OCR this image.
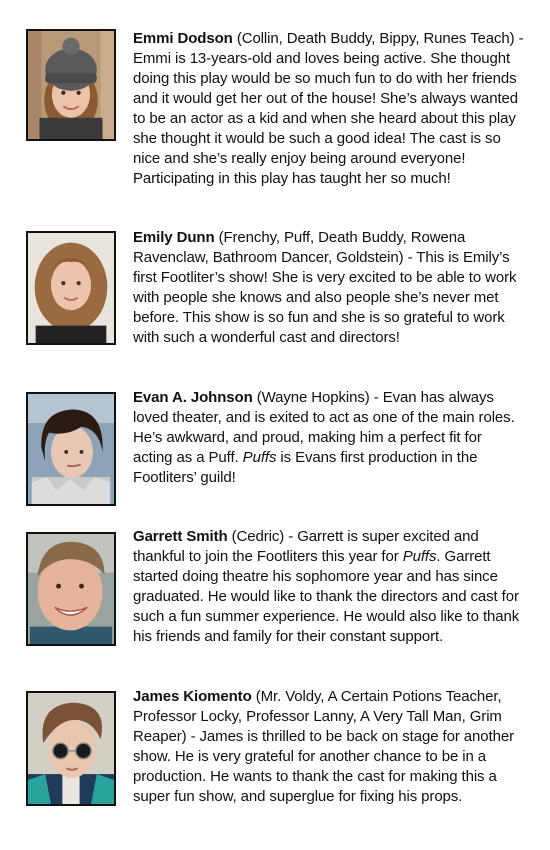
Emmi Dodson (Collin, Death Buddy, Bippy, Runes Teach) - Emmi is 13-years-old and loves being active. She thought doing this play would be so much fun to do with her friends and it would get her out of the house! She’s always wanted to be an actor as a kid and when she heard about this play she thought it would be such a good idea! The cast is so nice and she’s really enjoy being around everyone! Participating in this play has taught her so much!

Emily Dunn (Frenchy, Puff, Death Buddy, Rowena Ravenclaw, Bathroom Dancer, Goldstein) - This is Emily’s first Footliter’s show! She is very excited to be able to work with people she knows and also people she’s never met before. This show is so fun and she is so grateful to work with such a wonderful cast and directors!

Evan A. Johnson (Wayne Hopkins) - Evan has always loved theater, and is exited to act as one of the main roles. He’s awkward, and proud, making him a perfect fit for acting as a Puff. Puffs is Evans first production in the Footliters’ guild!

Garrett Smith (Cedric) - Garrett is super excited and thankful to join the Footliters this year for Puffs. Garrett started doing theatre his sophomore year and has since graduated. He would like to thank the directors and cast for such a fun summer experience. He would also like to thank his friends and family for their constant support.

James Kiomento (Mr. Voldy, A Certain Potions Teacher, Professor Locky, Professor Lanny, A Very Tall Man, Grim Reaper) - James is thrilled to be back on stage for another show. He is very grateful for another chance to be in a production. He wants to thank the cast for making this a super fun show, and superglue for fixing his props.
